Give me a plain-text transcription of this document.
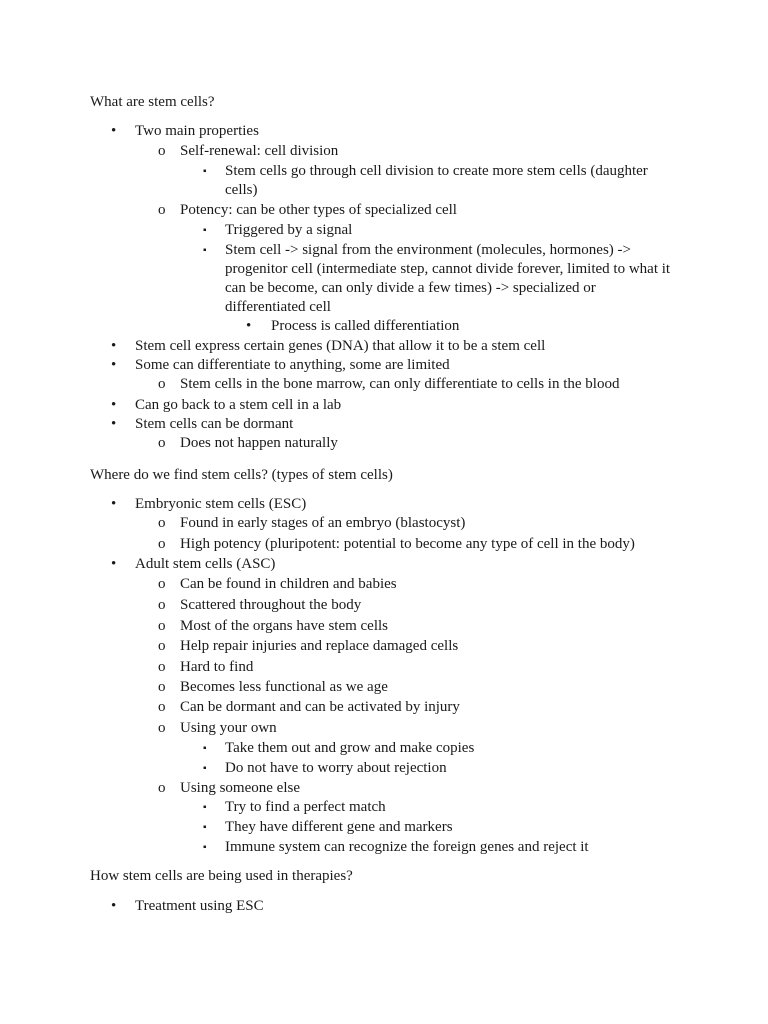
What are stem cells?
• Two main properties
o Self-renewal: cell division
▪ Stem cells go through cell division to create more stem cells (daughter
cells)
o Potency: can be other types of specialized cell
▪ Triggered by a signal
▪ Stem cell -> signal from the environment (molecules, hormones) ->
progenitor cell (intermediate step, cannot divide forever, limited to what it
can be become, can only divide a few times) -> specialized or
differentiated cell
• Process is called differentiation
• Stem cell express certain genes (DNA) that allow it to be a stem cell
• Some can differentiate to anything, some are limited
o Stem cells in the bone marrow, can only differentiate to cells in the blood
• Can go back to a stem cell in a lab
• Stem cells can be dormant
o Does not happen naturally
Where do we find stem cells? (types of stem cells)
• Embryonic stem cells (ESC)
o Found in early stages of an embryo (blastocyst)
o High potency (pluripotent: potential to become any type of cell in the body)
• Adult stem cells (ASC)
o Can be found in children and babies
o Scattered throughout the body
o Most of the organs have stem cells
o Help repair injuries and replace damaged cells
o Hard to find
o Becomes less functional as we age
o Can be dormant and can be activated by injury
o Using your own
▪ Take them out and grow and make copies
▪ Do not have to worry about rejection
o Using someone else
▪ Try to find a perfect match
▪ They have different gene and markers
▪ Immune system can recognize the foreign genes and reject it
How stem cells are being used in therapies?
• Treatment using ESC
